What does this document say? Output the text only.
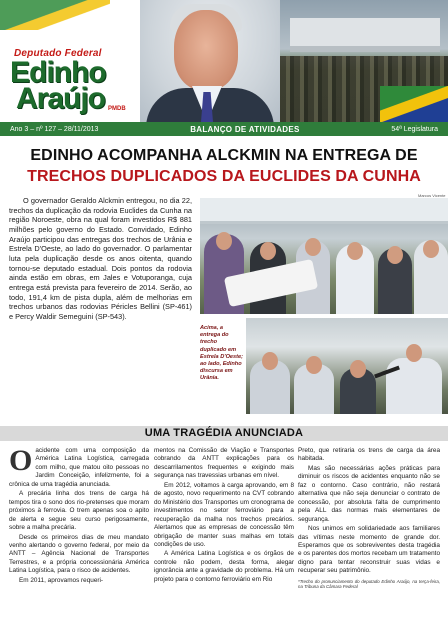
Deputado Federal
Edinho
Araújo PMDB
Ano 3 – nº 127 – 28/11/2013	BALANÇO DE ATIVIDADES	54ª Legislatura
EDINHO ACOMPANHA ALCKMIN NA ENTREGA DE
TRECHOS DUPLICADOS DA EUCLIDES DA CUNHA
O governador Geraldo Alckmin entregou, no dia 22, trechos da duplicação da rodovia Euclides da Cunha na região Noroeste, obra na qual foram investidos R$ 881 milhões pelo governo do Estado. Convidado, Edinho Araújo participou das entregas dos trechos de Urânia e Estrela D'Oeste, ao lado do governador. O parlamentar luta pela duplicação desde os anos oitenta, quando tornou-se deputado estadual. Dois pontos da rodovia ainda estão em obras, em Jales e Votuporanga, cuja entrega está prevista para fevereiro de 2014. Serão, ao todo, 191,4 km de pista dupla, além de melhorias em trechos urbanos das rodovias Péricles Bellini (SP-461) e Percy Waldir Semeguini (SP-543).
Marcos Vicente
Acima, a entrega do trecho duplicado em Estrela D'Oeste; ao lado, Edinho discursa em Urânia.
UMA TRAGÉDIA ANUNCIADA
O acidente com uma composição da América Latina Logística, carregada com milho, que matou oito pessoas no Jardim Conceição, infelizmente, foi a crônica de uma tragédia anunciada.

A precária linha dos trens de carga há tempos tira o sono dos rio-pretenses que moram próximos à ferrovia. O trem apenas soa o apito de alerta e segue seu curso perigosamente, sobre a malha precária.

Desde os primeiros dias de meu mandato venho alertando o governo federal, por meio da ANTT – Agência Nacional de Transportes Terrestres, e a própria concessionária América Latina Logística, para o risco de acidentes.

Em 2011, aprovamos requeri-

mentos na Comissão de Viação e Transportes cobrando da ANTT explicações para os descarrilamentos frequentes e exigindo mais segurança nas travessias urbanas em nível.

Em 2012, voltamos à carga aprovando, em 8 de agosto, novo requerimento na CVT cobrando do Ministério dos Transportes um cronograma de investimentos no setor ferroviário para a recuperação da malha nos trechos precários. Alertamos que as empresas de concessão têm obrigação de manter suas malhas em totais condições de uso.

A América Latina Logística e os órgãos de controle não podem, desta forma, alegar ignorância ante a gravidade do problema. Há um projeto para o contorno ferroviário em Rio

Preto, que retiraria os trens de carga da área habitada.

Mas são necessárias ações práticas para diminuir os riscos de acidentes enquanto não se faz o contorno. Caso contrário, não restará alternativa que não seja denunciar o contrato de concessão, por absoluta falta de cumprimento pela ALL das normas mais elementares de segurança.

Nos unimos em solidariedade aos familiares das vítimas neste momento de grande dor. Esperamos que os sobreviventes desta tragédia e os parentes dos mortos recebam um tratamento digno para tentar reconstruir suas vidas e recuperar seu patrimônio.

*Trecho do pronunciamento do deputado Edinho Araújo, na terça-feira, na Tribuna da Câmara Federal
